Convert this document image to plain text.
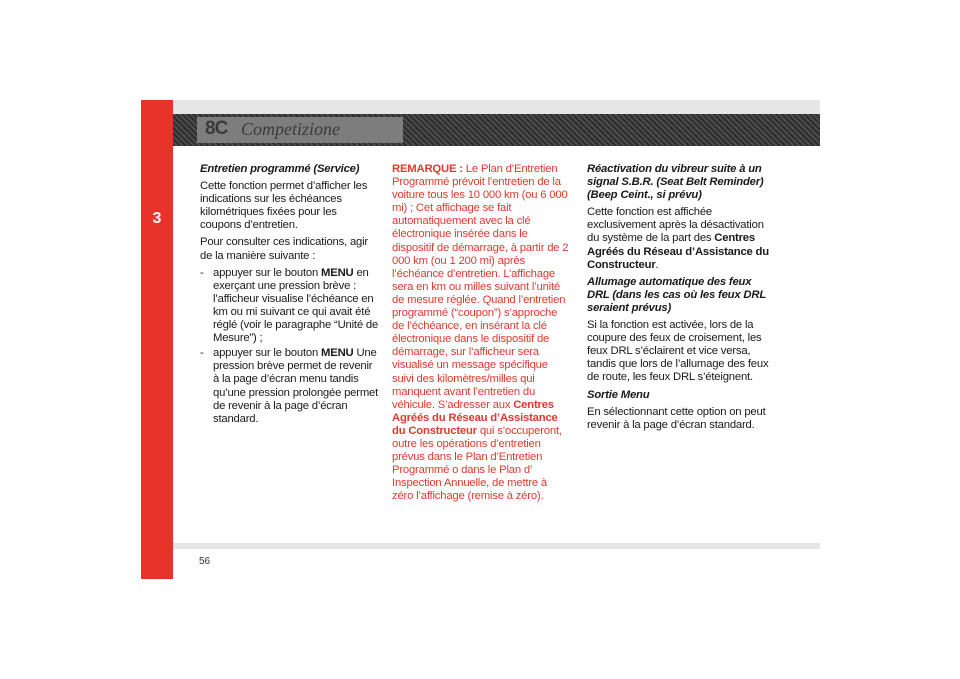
3
8C Competizione

Entretien programmé (Service)

Cette fonction permet d’afficher les indications sur les échéances kilométriques fixées pour les coupons d’entretien.

Pour consulter ces indications, agir de la manière suivante :

- appuyer sur le bouton MENU en exerçant une pression brève : l’afficheur visualise l’échéance en km ou mi suivant ce qui avait été réglé (voir le paragraphe “Unité de Mesure”) ;
- appuyer sur le bouton MENU Une pression brève permet de revenir à la page d’écran menu tandis qu’une pression prolongée permet de revenir à la page d’écran standard.

REMARQUE : Le Plan d’Entretien Programmé prévoit l’entretien de la voiture tous les 10 000 km (ou 6 000 mi) ; Cet affichage se fait automatiquement avec la clé électronique insérée dans le dispositif de démarrage, à partir de 2 000 km (ou 1 200 mi) après l’échéance d’entretien. L’affichage sera en km ou milles suivant l’unité de mesure réglée. Quand l’entretien programmé (“coupon”) s’approche de l’échéance, en insérant la clé électronique dans le dispositif de démarrage, sur l’afficheur sera visualisé un message spécifique suivi des kilomètres/milles qui manquent avant l’entretien du véhicule. S’adresser aux Centres Agréés du Réseau d’Assistance du Constructeur qui s’occuperont, outre les opérations d’entretien prévus dans le Plan d’Entretien Programmé o dans le Plan d’ Inspection Annuelle, de mettre à zéro l’affichage (remise à zéro).

Réactivation du vibreur suite à un signal S.B.R. (Seat Belt Reminder) (Beep Ceint., si prévu)

Cette fonction est affichée exclusivement après la désactivation du système de la part des Centres Agréés du Réseau d’Assistance du Constructeur.

Allumage automatique des feux DRL (dans les cas où les feux DRL seraient prévus)

Si la fonction est activée, lors de la coupure des feux de croisement, les feux DRL s’éclairent et vice versa, tandis que lors de l’allumage des feux de route, les feux DRL s’éteignent.

Sortie Menu

En sélectionnant cette option on peut revenir à la page d’écran standard.

56
